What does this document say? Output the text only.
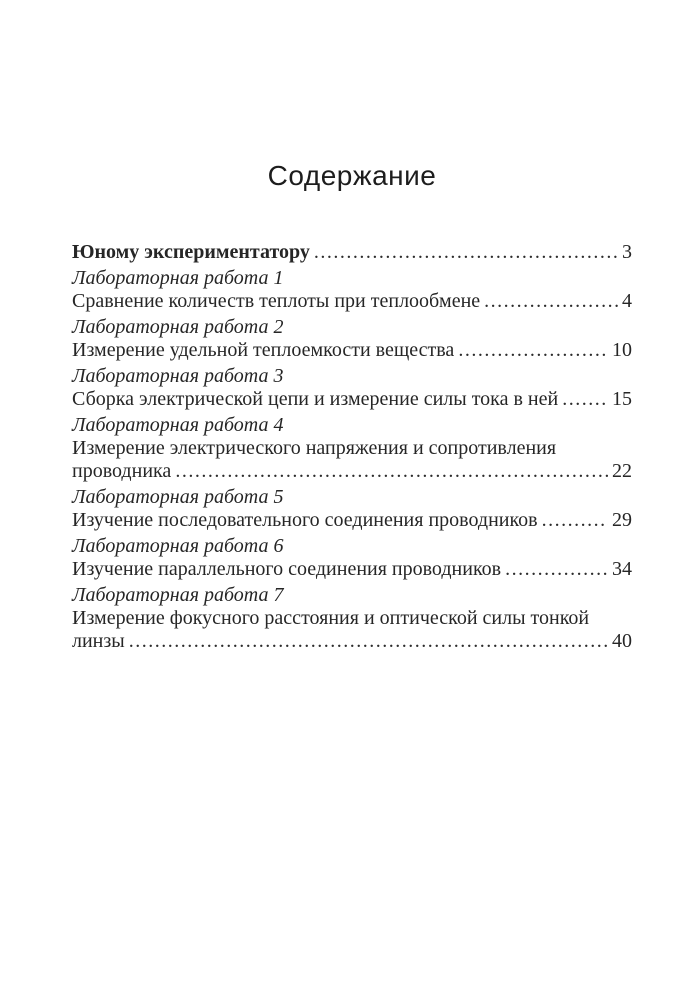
Содержание
Юному экспериментатору .....	3
Лабораторная работа 1
Сравнение количеств теплоты при теплообмене .....	4
Лабораторная работа 2
Измерение удельной теплоемкости вещества .....	10
Лабораторная работа 3
Сборка электрической цепи и измерение силы тока в ней .....	15
Лабораторная работа 4
Измерение электрического напряжения и сопротивления
проводника .....	22
Лабораторная работа 5
Изучение последовательного соединения проводников .....	29
Лабораторная работа 6
Изучение параллельного соединения проводников .....	34
Лабораторная работа 7
Измерение фокусного расстояния и оптической силы тонкой
линзы .....	40
